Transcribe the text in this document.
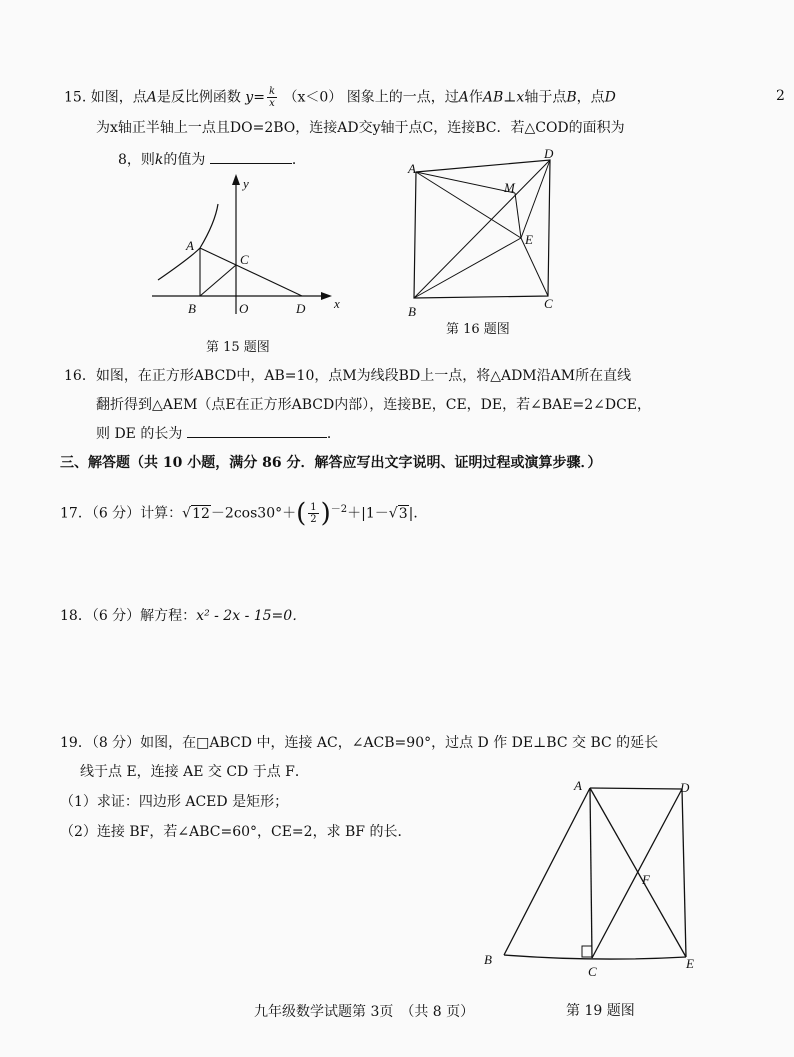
2
15. 如图，点A是反比例函数 $y= \frac{k}{x} (x<0)$ 图象上的一点，过A作AB⊥x轴于点B，点D
为x轴正半轴上一点且DO=2BO，连接AD交y轴于点C，连接BC．若△COD的面积为
8，则k的值为	．
A
B
C
O	D x
y
第 15 题图
A
D
M
E
B
C
第 16 题图
16．如图，在正方形ABCD中，AB=10，点M为线段BD上一点，将△ADM沿AM所在直线
翻折得到△AEM（点E在正方形ABCD内部），连接BE，CE，DE，若∠BAE=2∠DCE，
则 DE 的长为	．
三、解答题（共 10 小题，满分 86 分．解答应写出文字说明、证明过程或演算步骤．）
17．（6 分）计算：$√12-2\cos 30^\circ+( \frac{1}{2} )^{-2}+|1-√3|$．
18．（6 分）解方程：x² - 2x - 15=0．
19．（8 分）如图，在□ABCD 中，连接 AC，∠ACB=90°，过点 D 作 DE⊥BC 交 BC 的延长
线于点 E，连接 AE 交 CD 于点 F．
（1）求证：四边形 ACED 是矩形；
（2）连接 BF，若∠ABC=60°，CE=2，求 BF 的长．
A	D
F
B
C
E
九年级数学试题第 3页　（共 8 页）	第 19 题图
